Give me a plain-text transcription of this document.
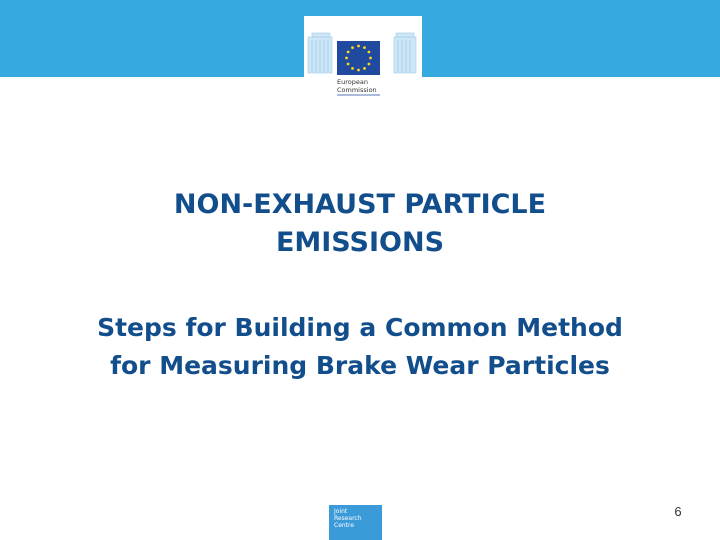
European
Commission
NON-EXHAUST PARTICLE
EMISSIONS
Steps for Building a Common Method
for Measuring Brake Wear Particles
Joint
Research
Centre
6
